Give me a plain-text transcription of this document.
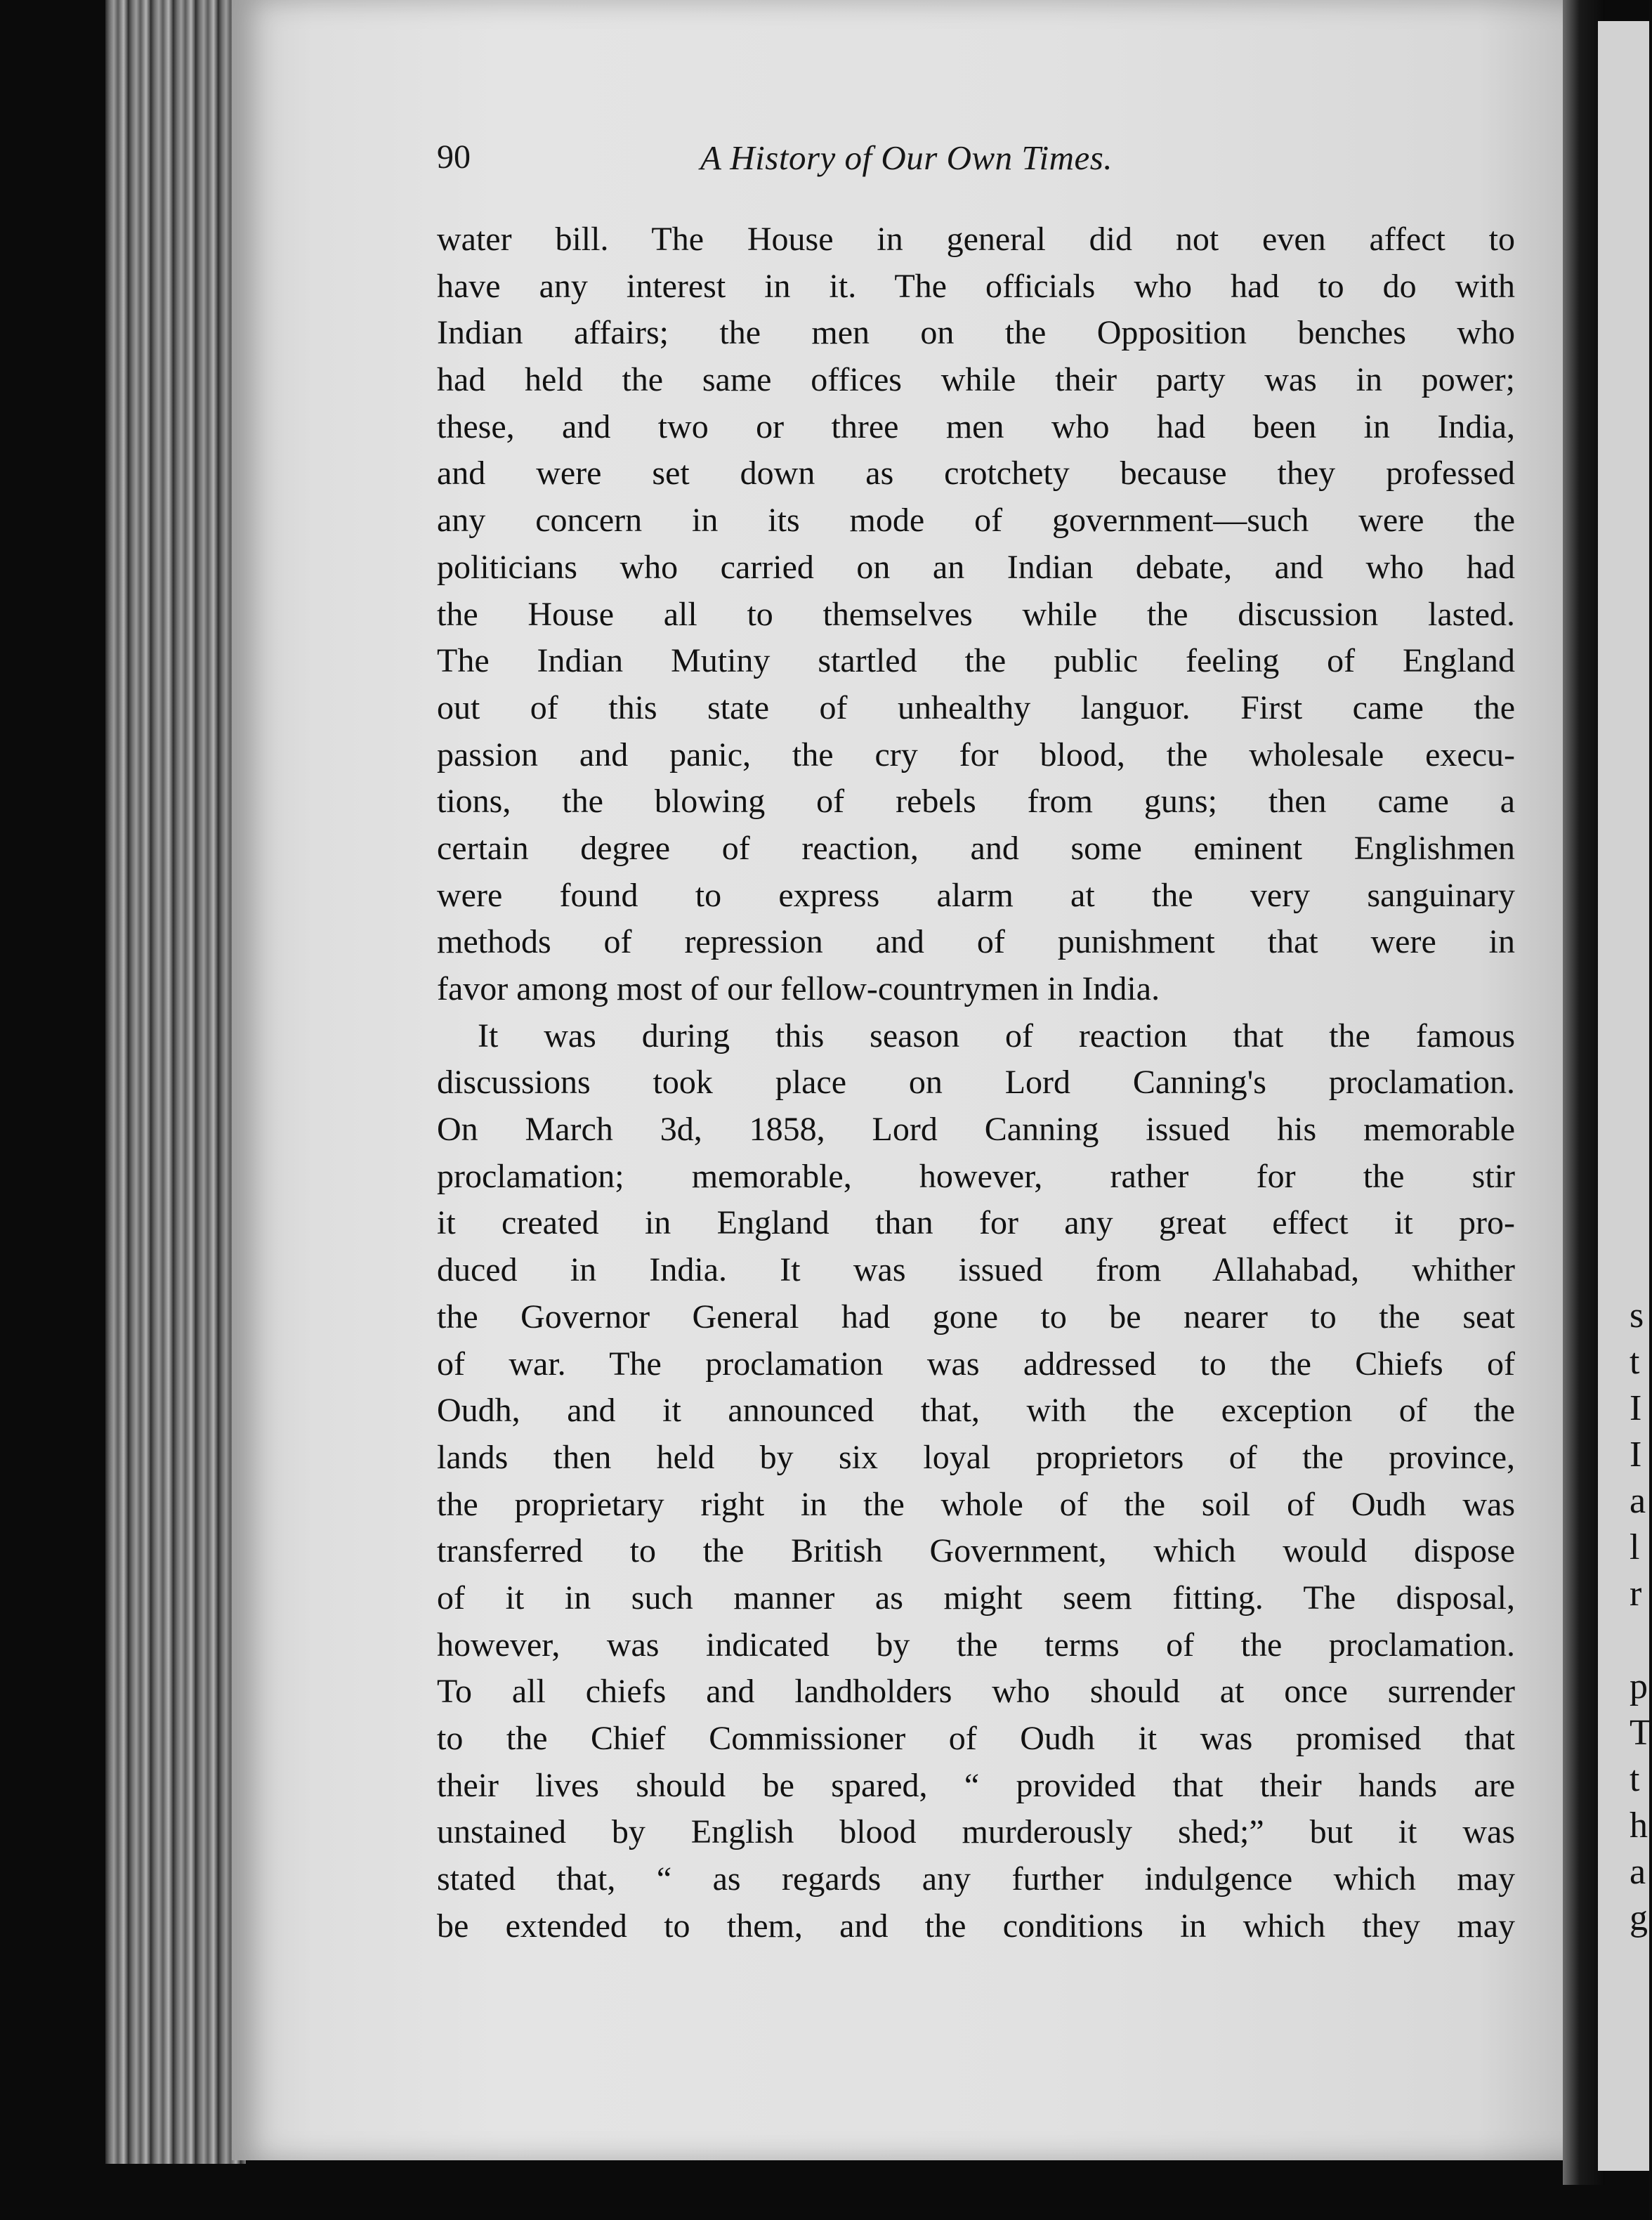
s
t
I
I
a
l
r
p
T
t
h
a
g
90	A History of Our Own Times.
water bill. The House in general did not even affect to
have any interest in it. The officials who had to do with
Indian affairs; the men on the Opposition benches who
had held the same offices while their party was in power;
these, and two or three men who had been in India,
and were set down as crotchety because they professed
any concern in its mode of government—such were the
politicians who carried on an Indian debate, and who had
the House all to themselves while the discussion lasted.
The Indian Mutiny startled the public feeling of England
out of this state of unhealthy languor. First came the
passion and panic, the cry for blood, the wholesale execu-
tions, the blowing of rebels from guns; then came a
certain degree of reaction, and some eminent Englishmen
were found to express alarm at the very sanguinary
methods of repression and of punishment that were in
favor among most of our fellow-countrymen in India.
It was during this season of reaction that the famous
discussions took place on Lord Canning's proclamation.
On March 3d, 1858, Lord Canning issued his memorable
proclamation; memorable, however, rather for the stir
it created in England than for any great effect it pro-
duced in India. It was issued from Allahabad, whither
the Governor General had gone to be nearer to the seat
of war. The proclamation was addressed to the Chiefs of
Oudh, and it announced that, with the exception of the
lands then held by six loyal proprietors of the province,
the proprietary right in the whole of the soil of Oudh was
transferred to the British Government, which would dispose
of it in such manner as might seem fitting. The disposal,
however, was indicated by the terms of the proclamation.
To all chiefs and landholders who should at once surrender
to the Chief Commissioner of Oudh it was promised that
their lives should be spared, “ provided that their hands are
unstained by English blood murderously shed;” but it was
stated that, “ as regards any further indulgence which may
be extended to them, and the conditions in which they may
